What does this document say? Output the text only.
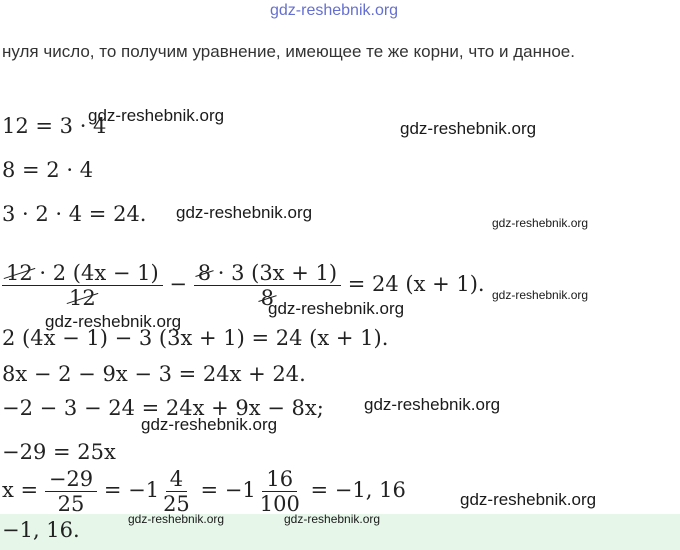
gdz-reshebnik.org
нуля число, то получим уравнение, имеющее те же корни, что и данное.
12 = 3 · 4
8 = 2 · 4
3 · 2 · 4 = 24.
$\frac{12 \cdot 2 (4x - 1)}{12} - \frac{8 \cdot 3 (3x + 1)}{8} = 24$ (x + 1).
2 (4x − 1) − 3 (3x + 1) = 24 (x + 1).
8x − 2 − 9x − 3 = 24x + 24.
−2 − 3 − 24 = 24x + 9x − 8x;
−29 = 25x
$x = \frac{-29}{25} = -1 \frac{4}{25} = -1 \frac{16}{100} = -1$, 16
−1, 16.
gdz-reshebnik.org
gdz-reshebnik.org
gdz-reshebnik.org
gdz-reshebnik.org
gdz-reshebnik.org
gdz-reshebnik.org
gdz-reshebnik.org
gdz-reshebnik.org
gdz-reshebnik.org
gdz-reshebnik.org
gdz-reshebnik.org	gdz-reshebnik.org
